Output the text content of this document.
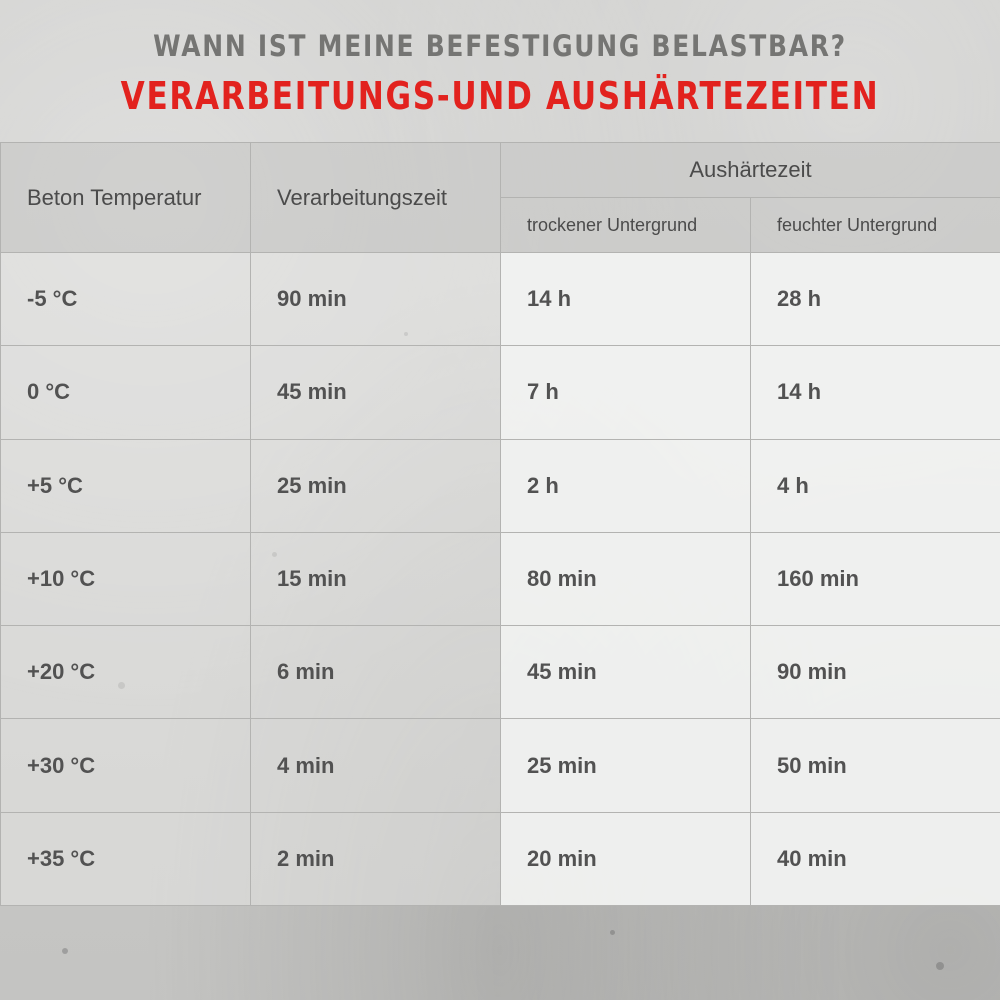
WANN IST MEINE BEFESTIGUNG BELASTBAR?
VERARBEITUNGS-UND AUSHÄRTEZEITEN
Beton Temperatur	Verarbeitungszeit	Aushärtezeit	
		trockener Untergrund	feuchter Untergrund
-5 °C	90 min	14 h	28 h
0 °C	45 min	7 h	14 h
+5 °C	25 min	2 h	4 h
+10 °C	15 min	80 min	160 min
+20 °C	6 min	45 min	90 min
+30 °C	4 min	25 min	50 min
+35 °C	2 min	20 min	40 min
